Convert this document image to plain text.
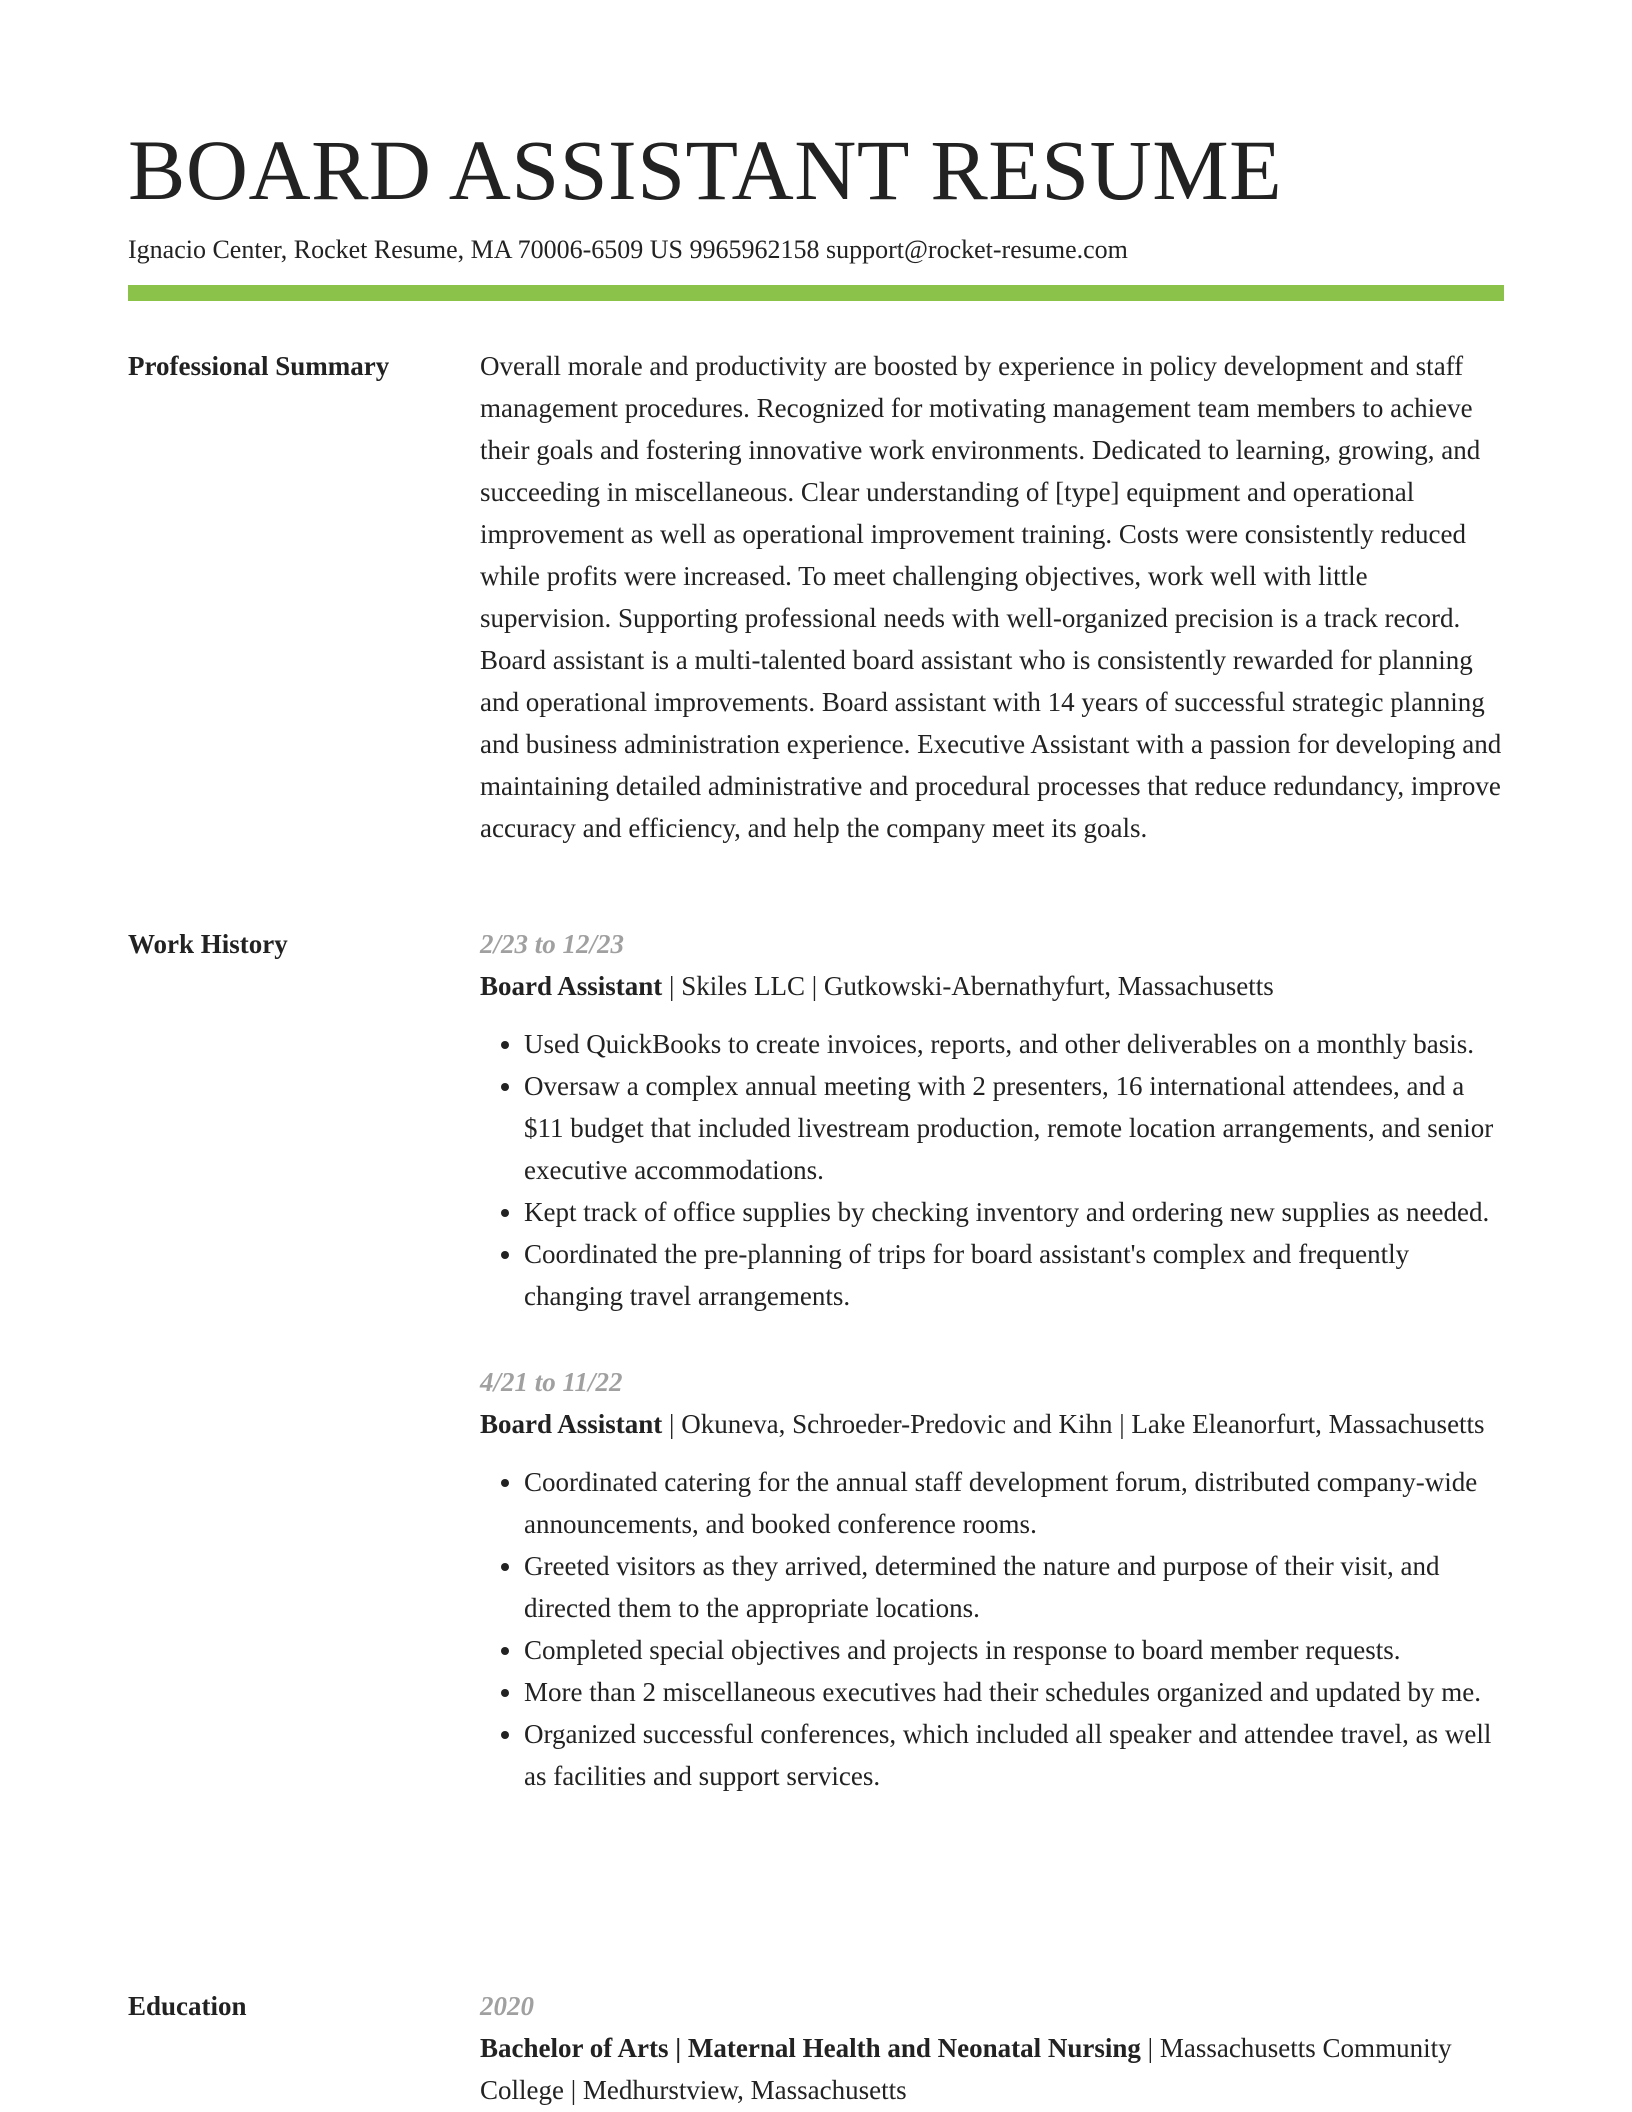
BOARD ASSISTANT RESUME
Ignacio Center, Rocket Resume, MA 70006-6509 US 9965962158 support@rocket-resume.com
Professional Summary	Overall morale and productivity are boosted by experience in policy development and staff management procedures. Recognized for motivating management team members to achieve their goals and fostering innovative work environments. Dedicated to learning, growing, and succeeding in miscellaneous. Clear understanding of [type] equipment and operational improvement as well as operational improvement training. Costs were consistently reduced while profits were increased. To meet challenging objectives, work well with little supervision. Supporting professional needs with well-organized precision is a track record. Board assistant is a multi-talented board assistant who is consistently rewarded for planning and operational improvements. Board assistant with 14 years of successful strategic planning and business administration experience. Executive Assistant with a passion for developing and maintaining detailed administrative and procedural processes that reduce redundancy, improve accuracy and efficiency, and help the company meet its goals.

Work History	2/23 to 12/23

Board Assistant | Skiles LLC | Gutkowski-Abernathyfurt, Massachusetts

• Used QuickBooks to create invoices, reports, and other deliverables on a monthly basis.
• Oversaw a complex annual meeting with 2 presenters, 16 international attendees, and a $11 budget that included livestream production, remote location arrangements, and senior executive accommodations.
• Kept track of office supplies by checking inventory and ordering new supplies as needed.
• Coordinated the pre-planning of trips for board assistant's complex and frequently changing travel arrangements.

4/21 to 11/22

Board Assistant | Okuneva, Schroeder-Predovic and Kihn | Lake Eleanorfurt, Massachusetts

• Coordinated catering for the annual staff development forum, distributed company-wide announcements, and booked conference rooms.
• Greeted visitors as they arrived, determined the nature and purpose of their visit, and directed them to the appropriate locations.
• Completed special objectives and projects in response to board member requests.
• More than 2 miscellaneous executives had their schedules organized and updated by me.
• Organized successful conferences, which included all speaker and attendee travel, as well as facilities and support services.
Education	2020

Bachelor of Arts | Maternal Health and Neonatal Nursing | Massachusetts Community College | Medhurstview, Massachusetts
